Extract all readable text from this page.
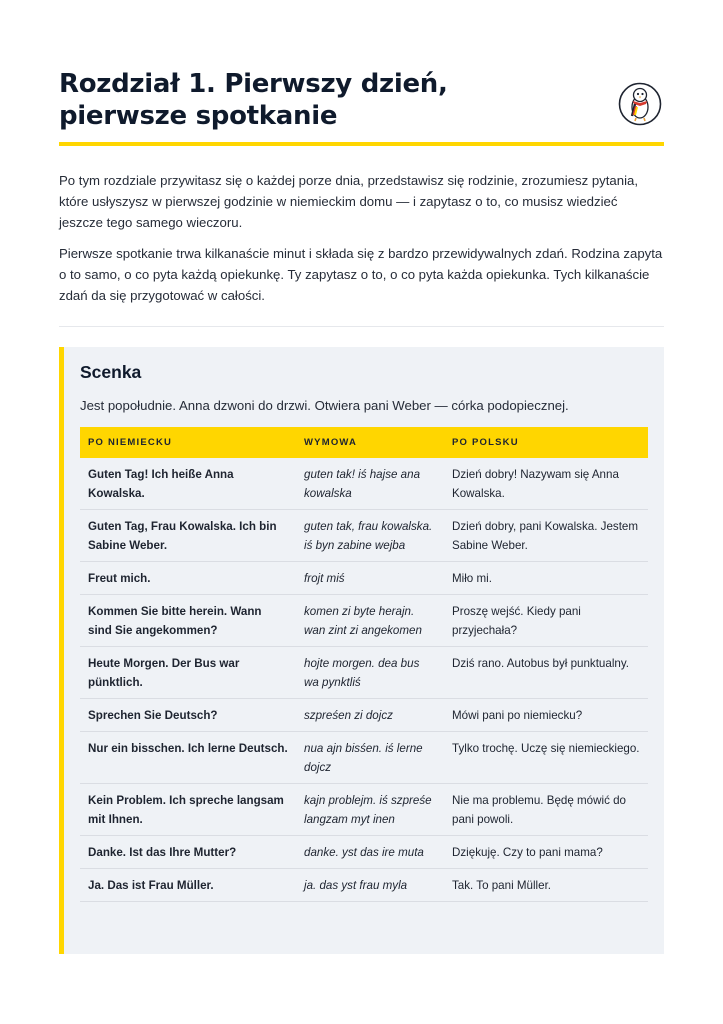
Rozdział 1. Pierwszy dzień, pierwsze spotkanie

Po tym rozdziale przywitasz się o każdej porze dnia, przedstawisz się rodzinie, zrozumiesz pytania, które usłyszysz w pierwszej godzinie w niemieckim domu — i zapytasz o to, co musisz wiedzieć jeszcze tego samego wieczoru.

Pierwsze spotkanie trwa kilkanaście minut i składa się z bardzo przewidywalnych zdań. Rodzina zapyta o to samo, o co pyta każdą opiekunkę. Ty zapytasz o to, o co pyta każda opiekunka. Tych kilkanaście zdań da się przygotować w całości.

Scenka

Jest popołudnie. Anna dzwoni do drzwi. Otwiera pani Weber — córka podopiecznej.

PO NIEMIECKU	WYMOWA	PO POLSKU
Guten Tag! Ich heiße Anna Kowalska.	guten tak! iś hajse ana kowalska	Dzień dobry! Nazywam się Anna Kowalska.
Guten Tag, Frau Kowalska. Ich bin Sabine Weber.	guten tak, frau kowalska. iś byn zabine wejba	Dzień dobry, pani Kowalska. Jestem Sabine Weber.
Freut mich.	frojt miś	Miło mi.
Kommen Sie bitte herein. Wann sind Sie angekommen?	komen zi byte herajn. wan zint zi angekomen	Proszę wejść. Kiedy pani przyjechała?
Heute Morgen. Der Bus war pünktlich.	hojte morgen. dea bus wa pynktliś	Dziś rano. Autobus był punktualny.
Sprechen Sie Deutsch?	szpreśen zi dojcz	Mówi pani po niemiecku?
Nur ein bisschen. Ich lerne Deutsch.	nua ajn bisśen. iś lerne dojcz	Tylko trochę. Uczę się niemieckiego.
Kein Problem. Ich spreche langsam mit Ihnen.	kajn problejm. iś szpreśe langzam myt inen	Nie ma problemu. Będę mówić do pani powoli.
Danke. Ist das Ihre Mutter?	danke. yst das ire muta	Dziękuję. Czy to pani mama?
Ja. Das ist Frau Müller.	ja. das yst frau myla	Tak. To pani Müller.
